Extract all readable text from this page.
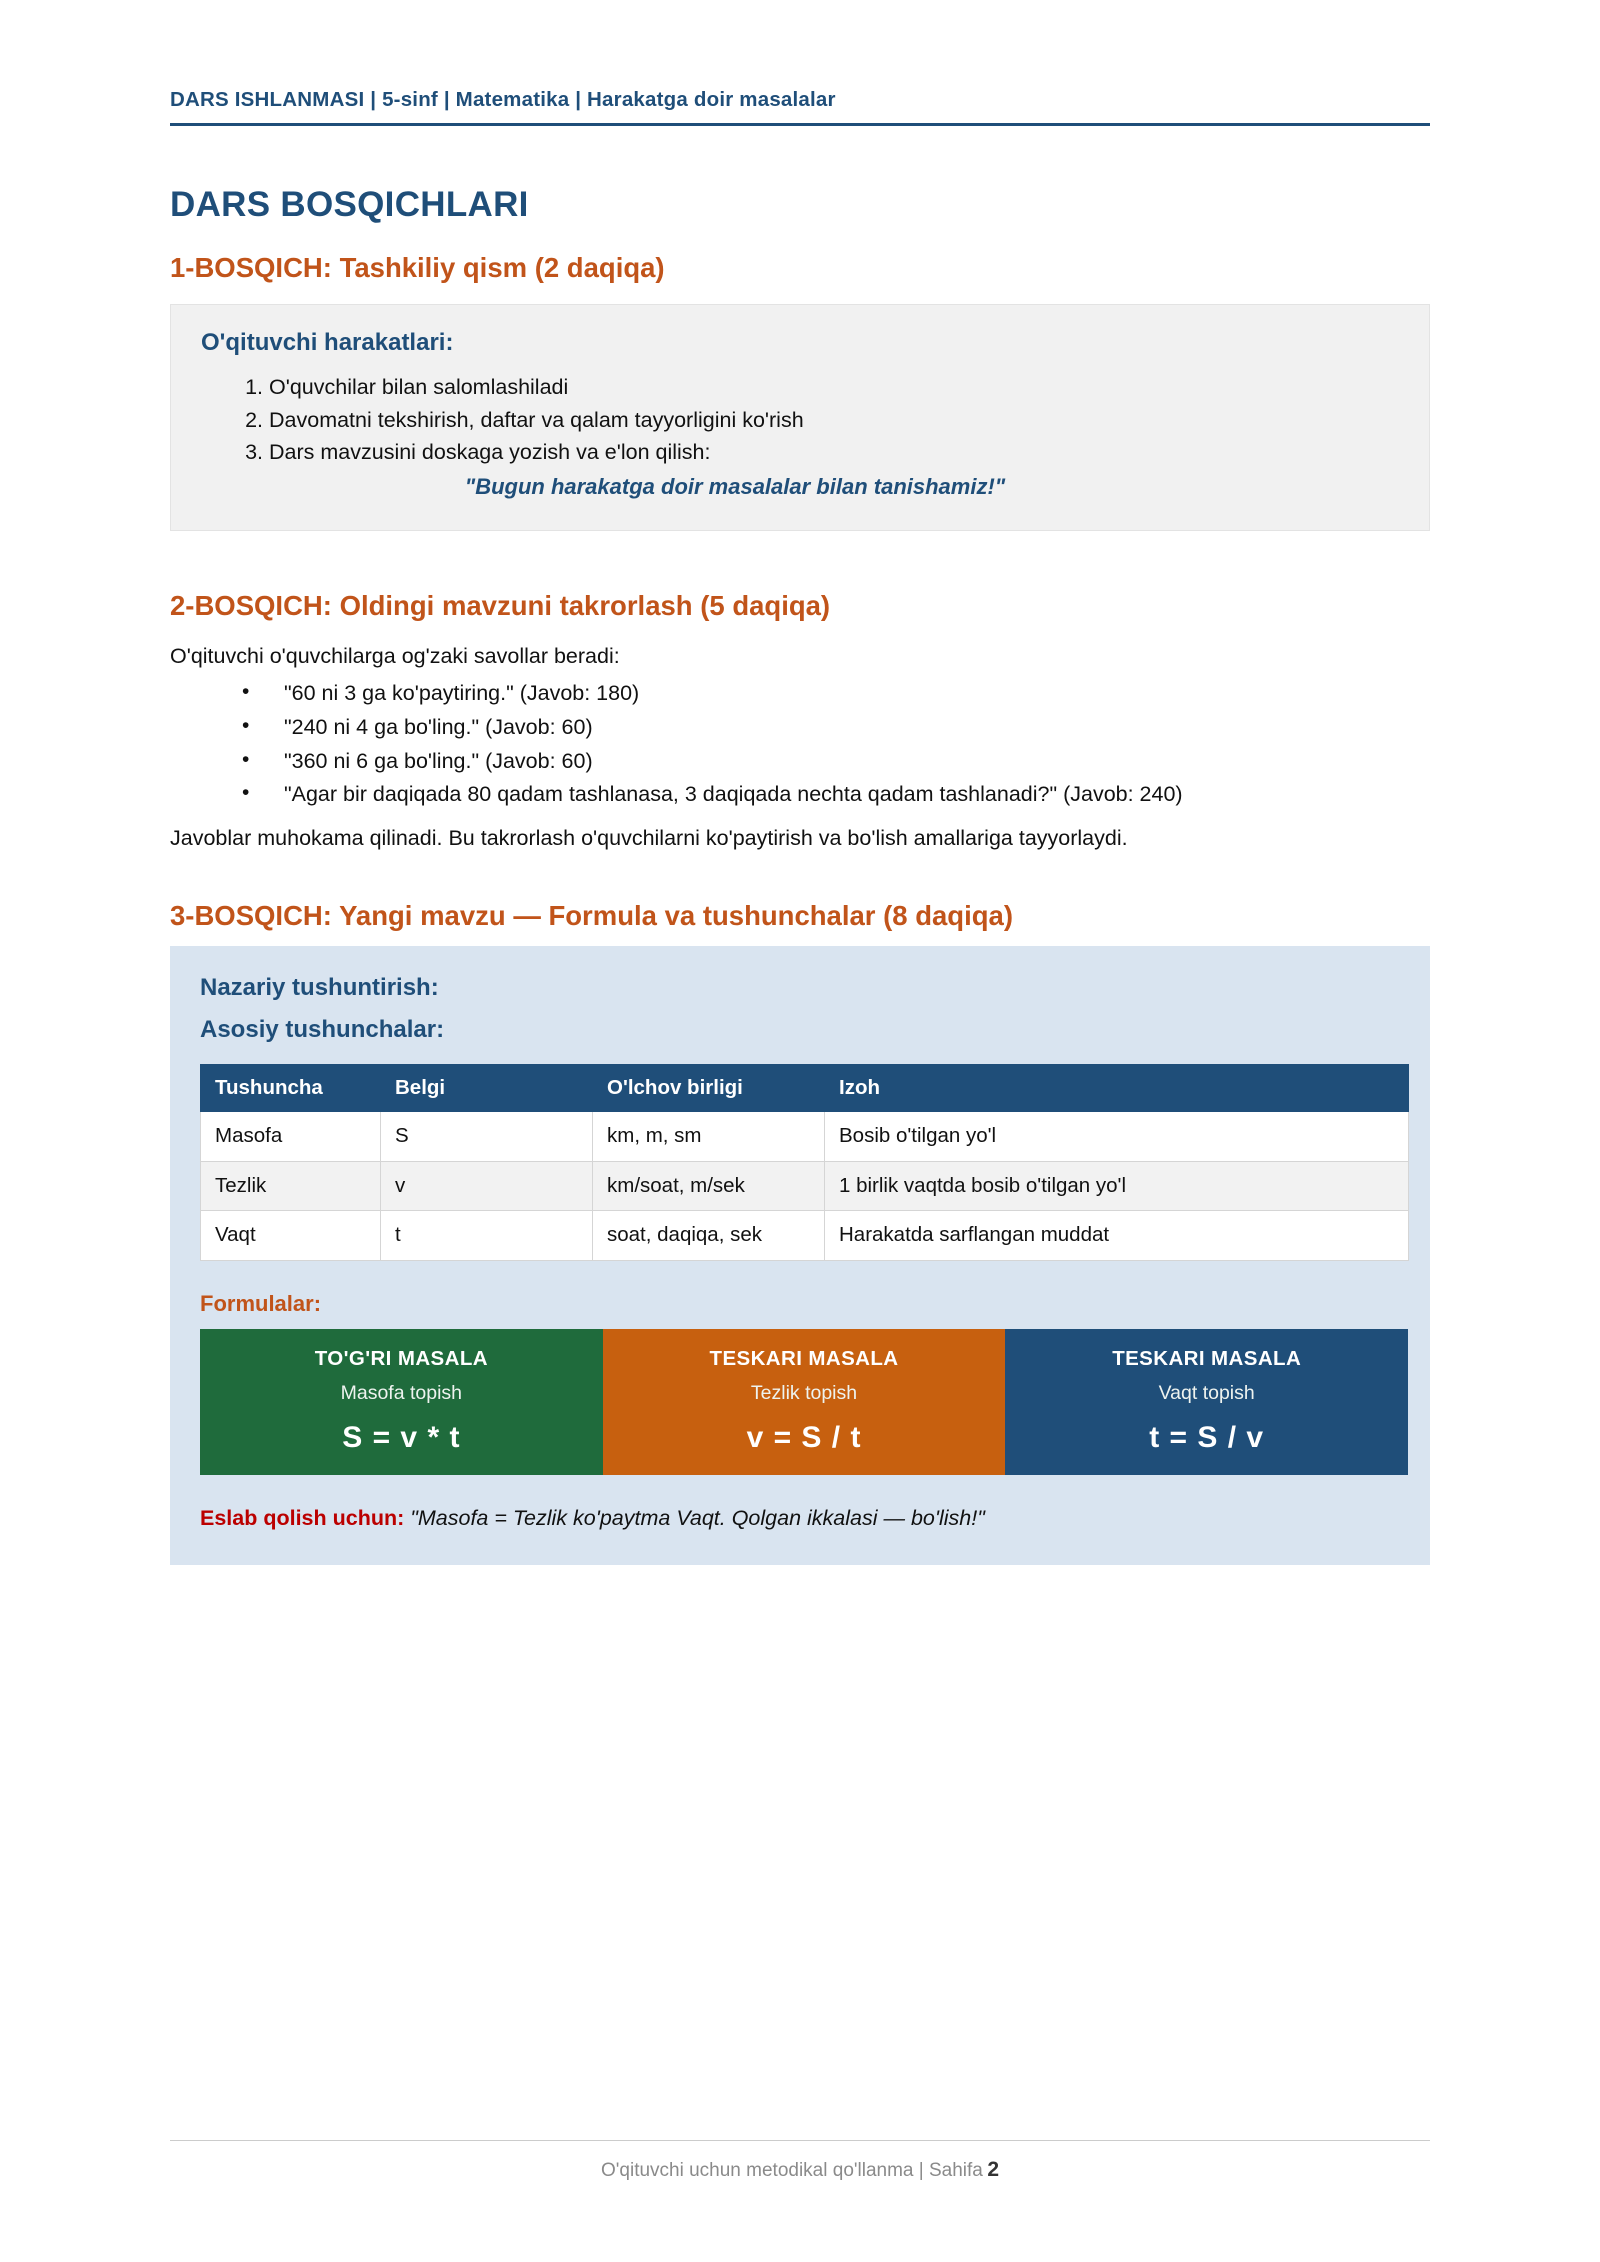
DARS ISHLANMASI | 5-sinf | Matematika | Harakatga doir masalalar
DARS BOSQICHLARI
1-BOSQICH: Tashkiliy qism (2 daqiqa)
O'qituvchi harakatlari:
1. O'quvchilar bilan salomlashiladi
2. Davomatni tekshirish, daftar va qalam tayyorligini ko'rish
3. Dars mavzusini doskaga yozish va e'lon qilish:
"Bugun harakatga doir masalalar bilan tanishamiz!"
2-BOSQICH: Oldingi mavzuni takrorlash (5 daqiqa)

O'qituvchi o'quvchilarga og'zaki savollar beradi:

• "60 ni 3 ga ko'paytiring." (Javob: 180)
• "240 ni 4 ga bo'ling." (Javob: 60)
• "360 ni 6 ga bo'ling." (Javob: 60)
• "Agar bir daqiqada 80 qadam tashlanasa, 3 daqiqada nechta qadam tashlanadi?" (Javob: 240)

Javoblar muhokama qilinadi. Bu takrorlash o'quvchilarni ko'paytirish va bo'lish amallariga tayyorlaydi.

3-BOSQICH: Yangi mavzu — Formula va tushunchalar (8 daqiqa)
Nazariy tushuntirish:
Asosiy tushunchalar:
Tushuncha	Belgi	O'lchov birligi	Izoh
Masofa	S	km, m, sm	Bosib o'tilgan yo'l
Tezlik	v	km/soat, m/sek	1 birlik vaqtda bosib o'tilgan yo'l
Vaqt	t	soat, daqiqa, sek	Harakatda sarflangan muddat
Formulalar:
TO'G'RI MASALA
Masofa topish
S = v * t
TESKARI MASALA
Tezlik topish
v = S / t
TESKARI MASALA
Vaqt topish
t = S / v
Eslab qolish uchun: "Masofa = Tezlik ko'paytma Vaqt. Qolgan ikkalasi — bo'lish!"
O'qituvchi uchun metodikal qo'llanma | Sahifa 2
